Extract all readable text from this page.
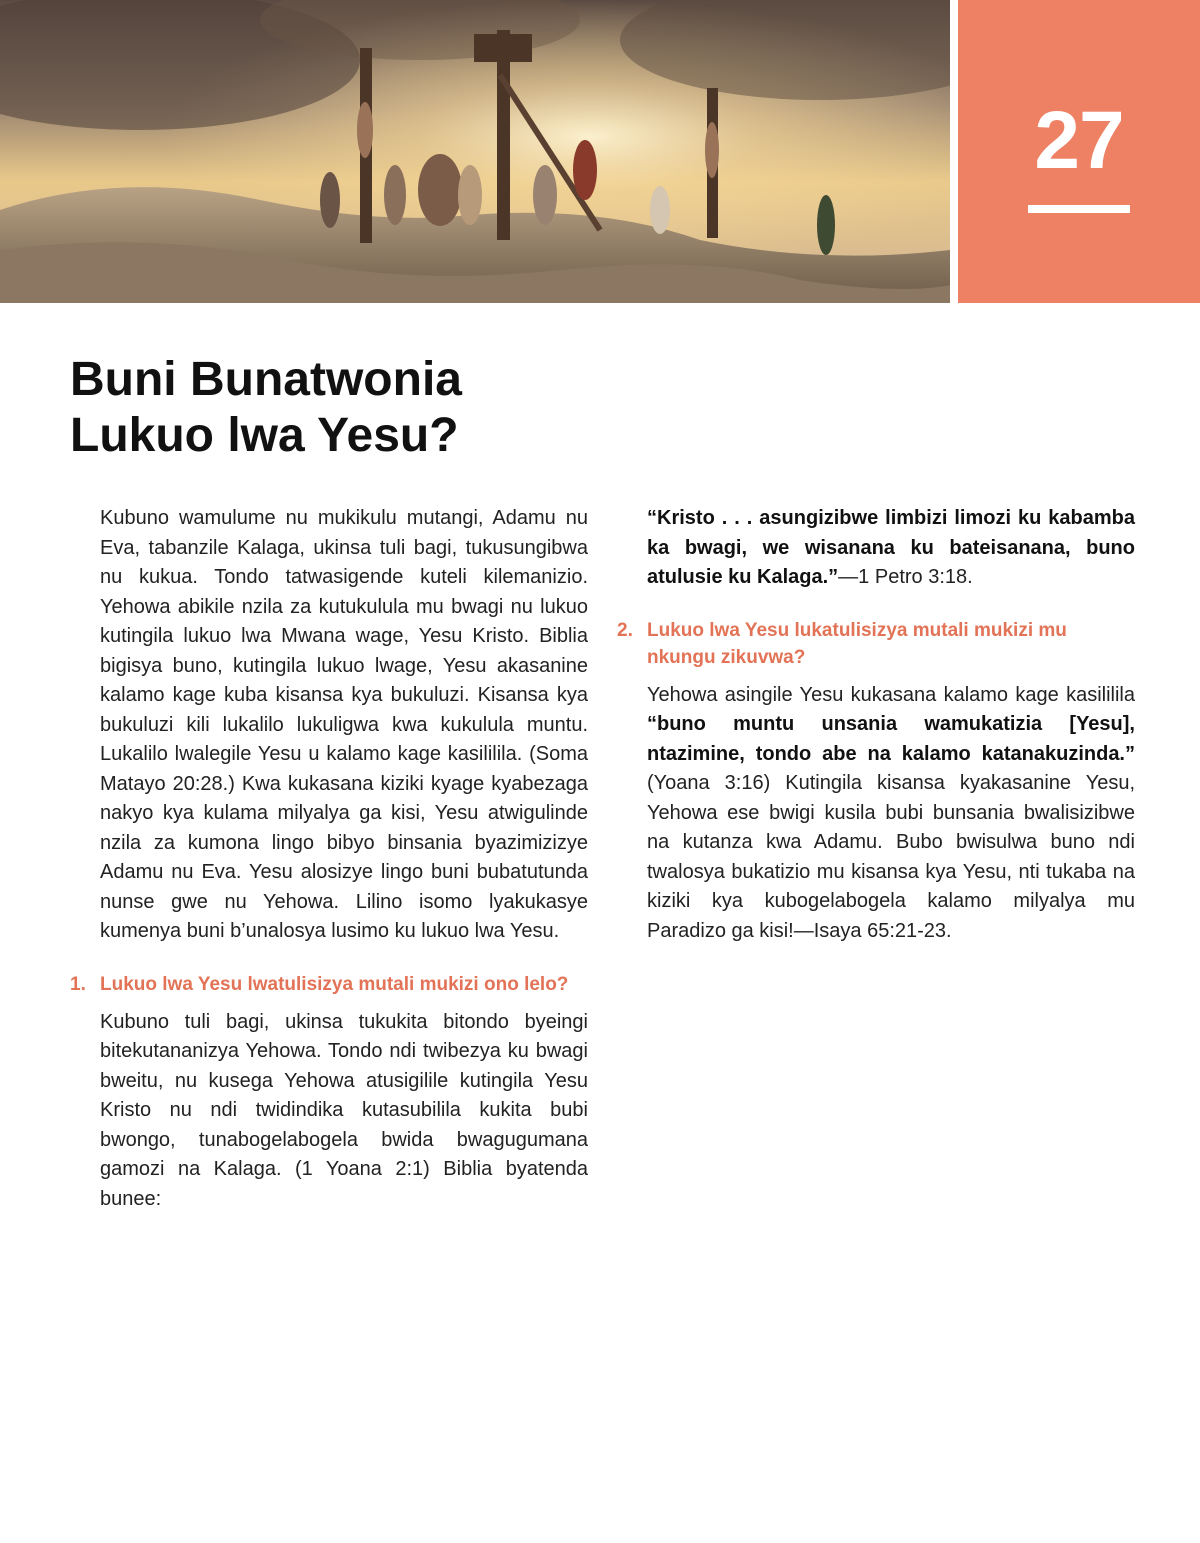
27
Buni Bunatwonia
Lukuo lwa Yesu?

Kubuno wamulume nu mukikulu mutangi, Adamu nu Eva, tabanzile Kalaga, ukinsa tuli bagi, tukusungibwa nu kukua. Tondo tatwasigende kuteli kilemanizio. Yehowa abikile nzila za kutukulula mu bwagi nu lukuo kutingila lukuo lwa Mwana wage, Yesu Kristo. Biblia bigisya buno, kutingila lukuo lwage, Yesu akasanine kalamo kage kuba kisansa kya bukuluzi. Kisansa kya bukuluzi kili lukalilo lukuligwa kwa kukulula muntu. Lukalilo lwalegile Yesu u kalamo kage kasililila. (Soma Matayo 20:28.) Kwa kukasana kiziki kyage kyabezaga nakyo kya kulama milyalya ga kisi, Yesu atwigulinde nzila za kumona lingo bibyo binsania byazimizizye Adamu nu Eva. Yesu alosizye lingo buni bubatutunda nunse gwe nu Yehowa. Lilino isomo lyakukasye kumenya buni b’unalosya lusimo ku lukuo lwa Yesu.

1. Lukuo lwa Yesu lwatulisizya mutali mukizi ono lelo?

Kubuno tuli bagi, ukinsa tukukita bitondo byeingi bitekutananizya Yehowa. Tondo ndi twibezya ku bwagi bweitu, nu kusega Yehowa atusigilile kutingila Yesu Kristo nu ndi twidindika kutasubilila kukita bubi bwongo, tunabogelabogela bwida bwagugumana gamozi na Kalaga. (1 Yoana 2:1) Biblia byatenda bunee:

“Kristo . . . asungizibwe limbizi limozi ku kabamba ka bwagi, we wisanana ku bateisanana, buno atulusie ku Kalaga.”—1 Petro 3:18.

2. Lukuo lwa Yesu lukatulisizya mutali mukizi mu nkungu zikuvwa?

Yehowa asingile Yesu kukasana kalamo kage kasililila “buno muntu unsania wamukatizia [Yesu], ntazimine, tondo abe na kalamo katanakuzinda.” (Yoana 3:16) Kutingila kisansa kyakasanine Yesu, Yehowa ese bwigi kusila bubi bunsania bwalisizibwe na kutanza kwa Adamu. Bubo bwisulwa buno ndi twalosya bukatizio mu kisansa kya Yesu, nti tukaba na kiziki kya kubogelabogela kalamo milyalya mu Paradizo ga kisi!—Isaya 65:21-23.
